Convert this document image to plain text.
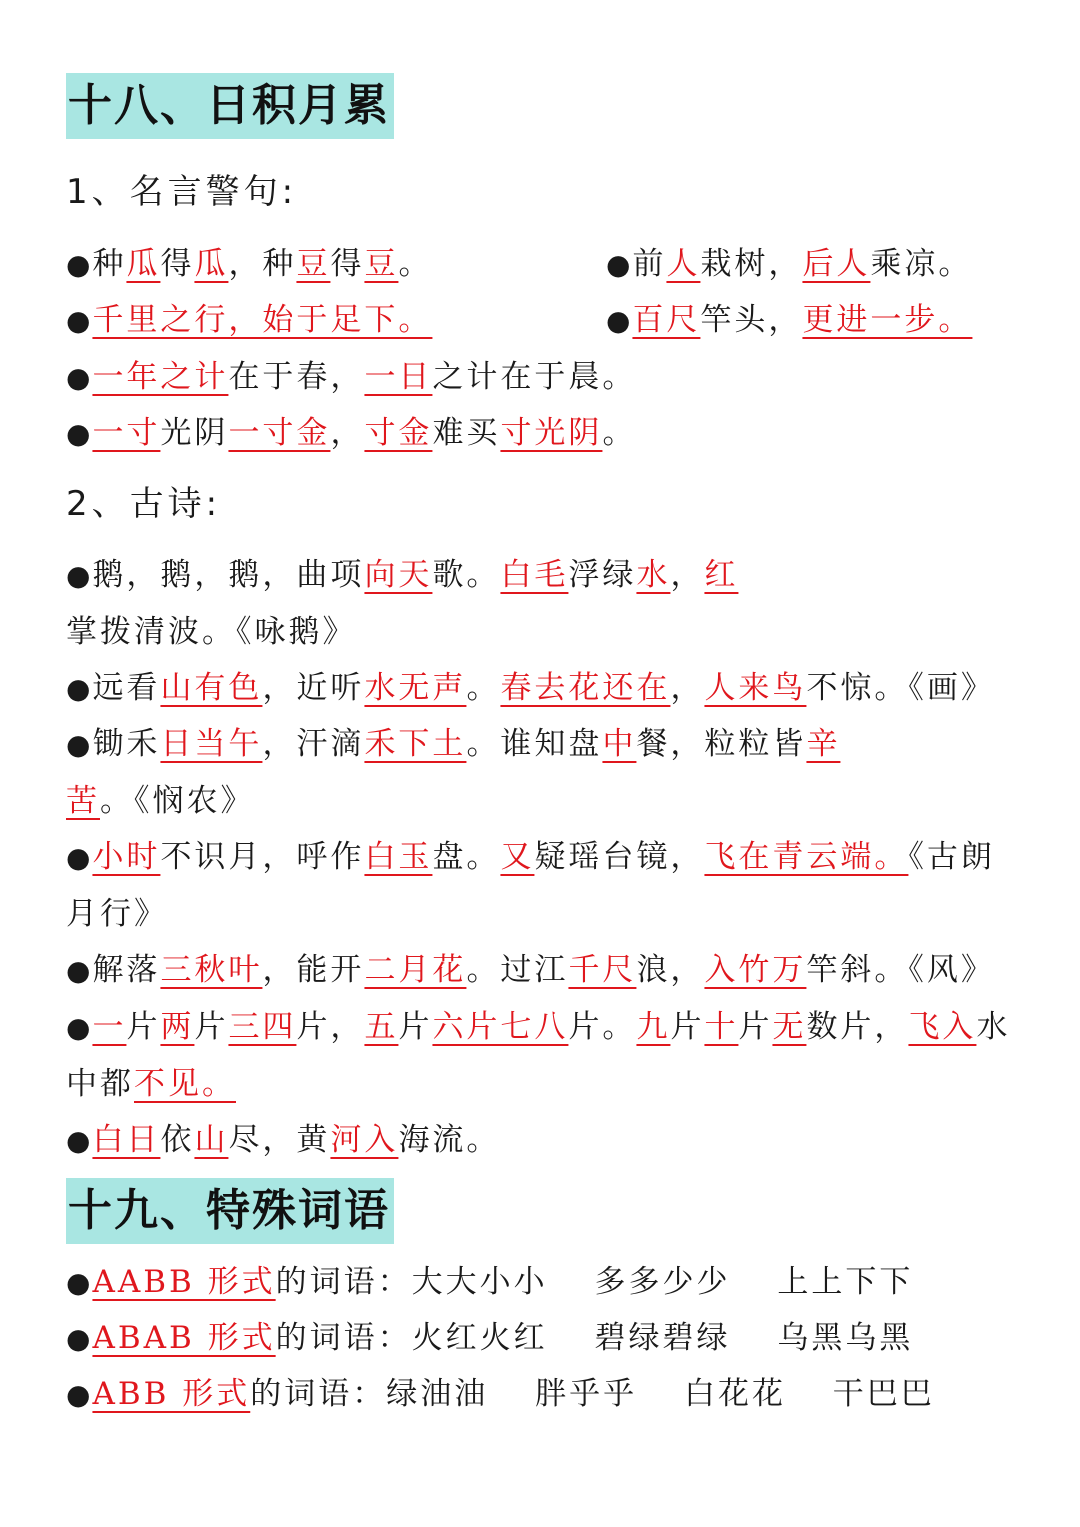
十八、日积月累
1、名言警句:
●种瓜得瓜，种豆得豆。	●前人栽树，后人乘凉。
●千里之行，始于足下。	●百尺竿头，更进一步。
●一年之计在于春，一日之计在于晨。
●一寸光阴一寸金，寸金难买寸光阴。
2、古诗:
●鹅，鹅，鹅，曲项向天歌。白毛浮绿水，红掌拨清波。《咏鹅》
●远看山有色，近听水无声。春去花还在，人来鸟不惊。《画》
●锄禾日当午，汗滴禾下土。谁知盘中餐，粒粒皆辛苦。《悯农》
●小时不识月，呼作白玉盘。又疑瑶台镜，飞在青云端。《古朗月行》
●解落三秋叶，能开二月花。过江千尺浪，入竹万竿斜。《风》
●一片两片三四片，五片六片七八片。九片十片无数片，飞入水中都不见。
●白日依山尽，黄河入海流。
十九、特殊词语
●AABB 形式的词语：大大小小　 多多少少　 上上下下
●ABAB 形式的词语：火红火红　 碧绿碧绿　 乌黑乌黑
●ABB 形式的词语：绿油油　 胖乎乎　 白花花　 干巴巴
